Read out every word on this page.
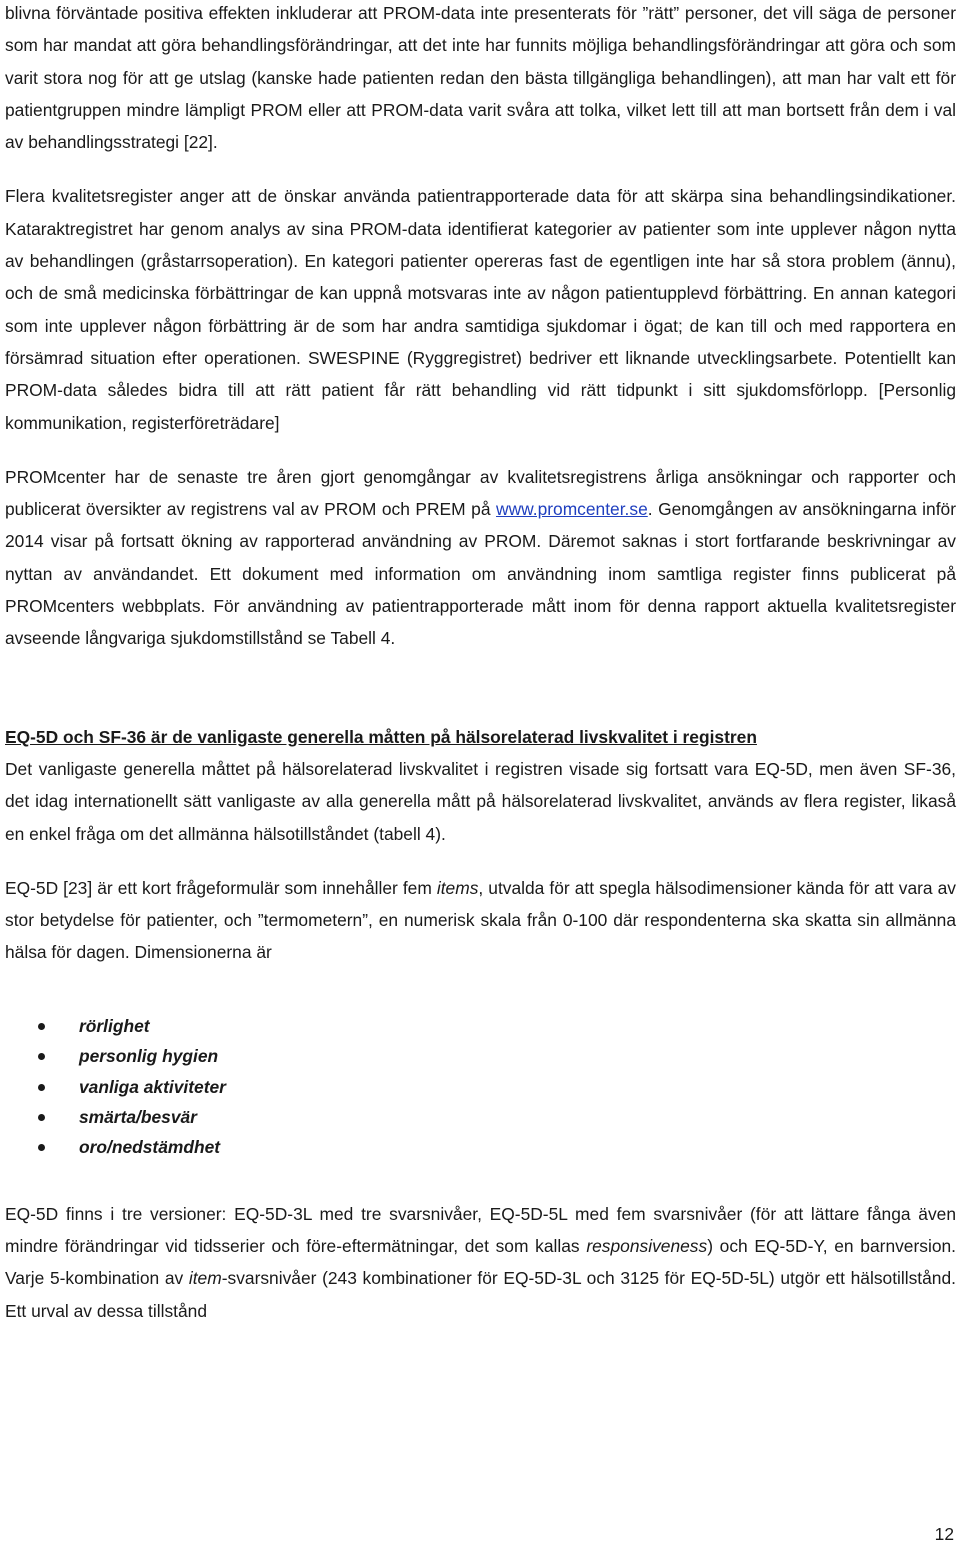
blivna förväntade positiva effekten inkluderar att PROM-data inte presenterats för ”rätt” personer, det vill säga de personer som har mandat att göra behandlingsförändringar, att det inte har funnits möjliga behandlingsförändringar att göra och som varit stora nog för att ge utslag (kanske hade patienten redan den bästa tillgängliga behandlingen), att man har valt ett för patientgruppen mindre lämpligt PROM eller att PROM-data varit svåra att tolka, vilket lett till att man bortsett från dem i val av behandlingsstrategi [22].

Flera kvalitetsregister anger att de önskar använda patientrapporterade data för att skärpa sina behandlingsindikationer. Kataraktregistret har genom analys av sina PROM-data identifierat kategorier av patienter som inte upplever någon nytta av behandlingen (gråstarrsoperation). En kategori patienter opereras fast de egentligen inte har så stora problem (ännu), och de små medicinska förbättringar de kan uppnå motsvaras inte av någon patientupplevd förbättring. En annan kategori som inte upplever någon förbättring är de som har andra samtidiga sjukdomar i ögat; de kan till och med rapportera en försämrad situation efter operationen. SWESPINE (Ryggregistret) bedriver ett liknande utvecklingsarbete. Potentiellt kan PROM-data således bidra till att rätt patient får rätt behandling vid rätt tidpunkt i sitt sjukdomsförlopp. [Personlig kommunikation, registerföreträdare]

PROMcenter har de senaste tre åren gjort genomgångar av kvalitetsregistrens årliga ansökningar och rapporter och publicerat översikter av registrens val av PROM och PREM på www.promcenter.se. Genomgången av ansökningarna inför 2014 visar på fortsatt ökning av rapporterad användning av PROM. Däremot saknas i stort fortfarande beskrivningar av nyttan av användandet. Ett dokument med information om användning inom samtliga register finns publicerat på PROMcenters webbplats. För användning av patientrapporterade mått inom för denna rapport aktuella kvalitetsregister avseende långvariga sjukdomstillstånd se Tabell 4.

EQ-5D och SF-36 är de vanligaste generella måtten på hälsorelaterad livskvalitet i registren

Det vanligaste generella måttet på hälsorelaterad livskvalitet i registren visade sig fortsatt vara EQ-5D, men även SF-36, det idag internationellt sätt vanligaste av alla generella mått på hälsorelaterad livskvalitet, används av flera register, likaså en enkel fråga om det allmänna hälsotillståndet (tabell 4).

EQ-5D [23] är ett kort frågeformulär som innehåller fem items, utvalda för att spegla hälsodimensioner kända för att vara av stor betydelse för patienter, och ”termometern”, en numerisk skala från 0-100 där respondenterna ska skatta sin allmänna hälsa för dagen. Dimensionerna är

rörlighet
personlig hygien
vanliga aktiviteter
smärta/besvär
oro/nedstämdhet

EQ-5D finns i tre versioner: EQ-5D-3L med tre svarsnivåer, EQ-5D-5L med fem svarsnivåer (för att lättare fånga även mindre förändringar vid tidsserier och före-eftermätningar, det som kallas responsiveness) och EQ-5D-Y, en barnversion. Varje 5-kombination av item-svarsnivåer (243 kombinationer för EQ-5D-3L och 3125 för EQ-5D-5L) utgör ett hälsotillstånd. Ett urval av dessa tillstånd

12
